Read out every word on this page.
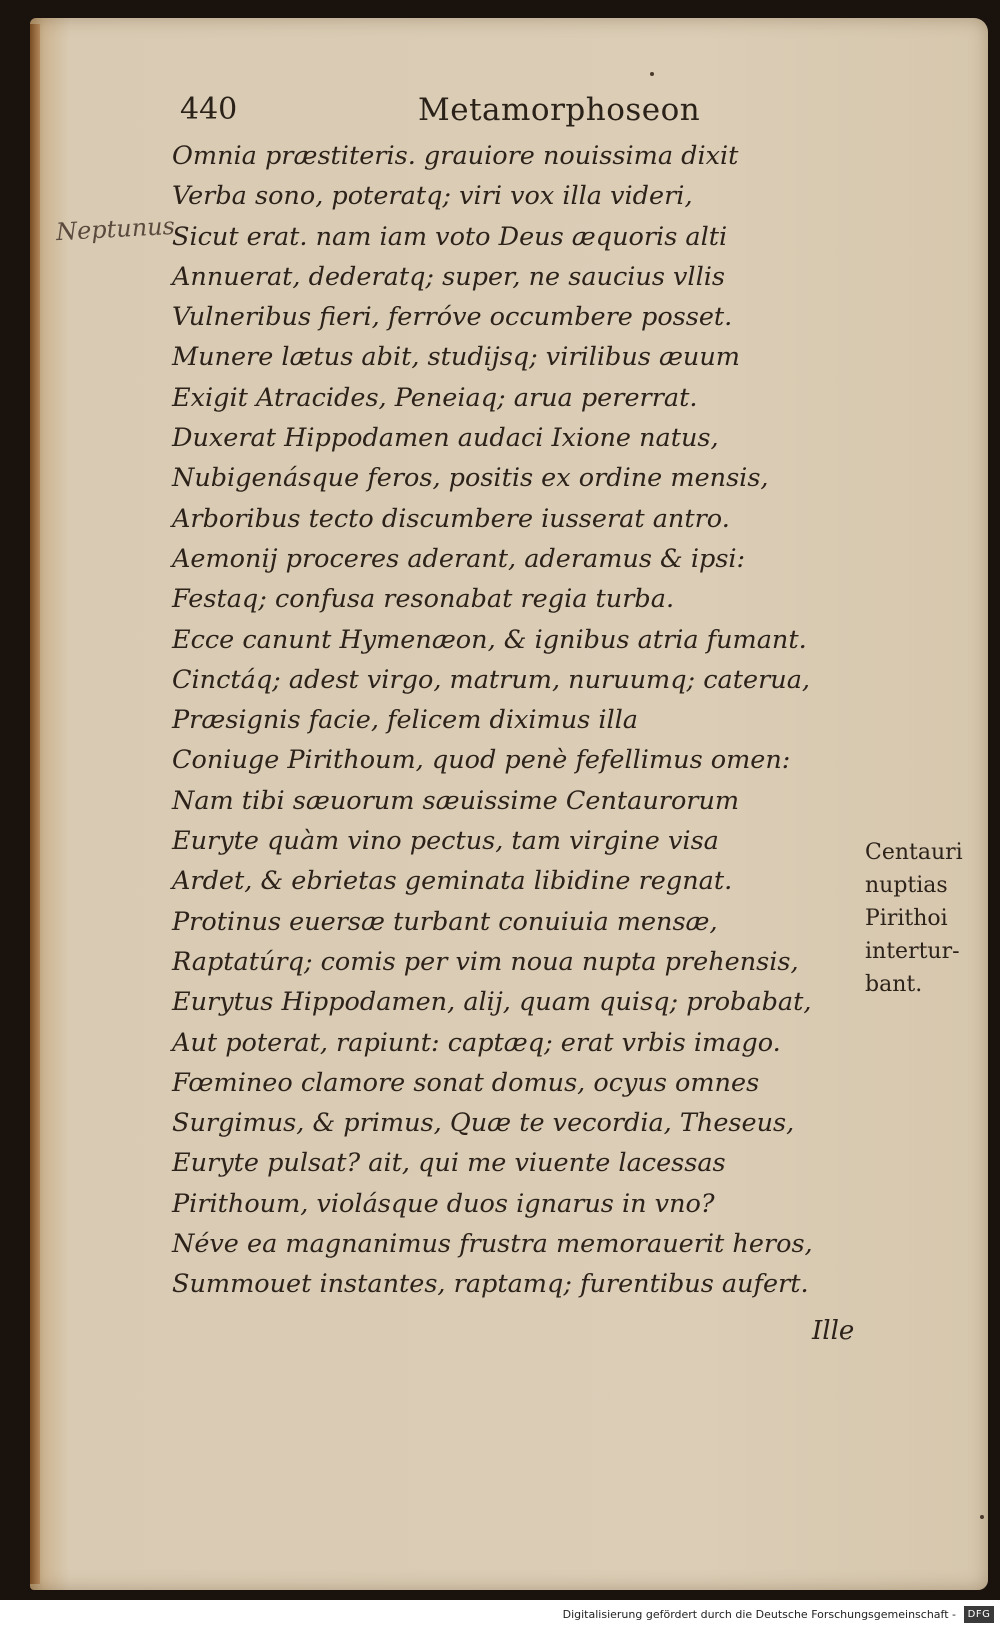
440	Metamorphoseon
Neptunus
Omnia præstiteris. grauiore nouissima dixit
Verba sono, poteratq; viri vox illa videri,
Sicut erat. nam iam voto Deus æquoris alti
Annuerat, dederatq; super, ne saucius vllis
Vulneribus fieri, ferróve occumbere posset.
Munere lætus abit, studijsq; virilibus æuum
Exigit Atracides, Peneiaq; arua pererrat.
Duxerat Hippodamen audaci Ixione natus,
Nubigenásque feros, positis ex ordine mensis,
Arboribus tecto discumbere iusserat antro.
Aemonij proceres aderant, aderamus & ipsi:
Festaq; confusa resonabat regia turba.
Ecce canunt Hymenæon, & ignibus atria fumant.
Cinctáq; adest virgo, matrum, nuruumq; caterua,
Præsignis facie, felicem diximus illa
Coniuge Pirithoum, quod penè fefellimus omen:
Nam tibi sæuorum sæuissime Centaurorum
Euryte quàm vino pectus, tam virgine visa
Ardet, & ebrietas geminata libidine regnat.
Protinus euersæ turbant conuiuia mensæ,
Raptatúrq; comis per vim noua nupta prehensis,
Eurytus Hippodamen, alij, quam quisq; probabat,
Aut poterat, rapiunt: captæq; erat vrbis imago.
Fœmineo clamore sonat domus, ocyus omnes
Surgimus, & primus, Quæ te vecordia, Theseus,
Euryte pulsat? ait, qui me viuente lacessas
Pirithoum, violásque duos ignarus in vno?
Néve ea magnanimus frustra memorauerit heros,
Summouet instantes, raptamq; furentibus aufert.
Ille
Centauri
nuptias
Pirithoi
intertur-
bant.
Digitalisierung gefördert durch die Deutsche Forschungsgemeinschaft -	DFG
